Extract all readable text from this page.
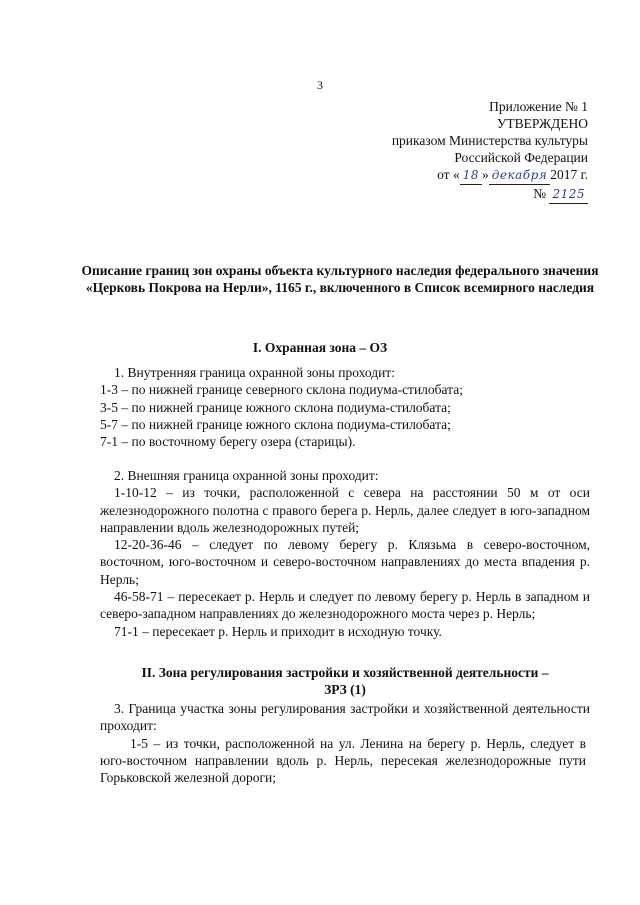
3
Приложение № 1
УТВЕРЖДЕНО
приказом Министерства культуры
Российской Федерации
от « 18 » декабря 2017 г.
№ 2125
Описание границ зон охраны объекта культурного наследия федерального значения «Церковь Покрова на Нерли», 1165 г., включенного в Список всемирного наследия
I. Охранная зона – ОЗ

1. Внутренняя граница охранной зоны проходит:

1-3 – по нижней границе северного склона подиума-стилобата;

3-5 – по нижней границе южного склона подиума-стилобата;

5-7 – по нижней границе южного склона подиума-стилобата;

7-1 – по восточному берегу озера (старицы).

2. Внешняя граница охранной зоны проходит:

1-10-12 – из точки, расположенной с севера на расстоянии 50 м от оси железнодорожного полотна с правого берега р. Нерль, далее следует в юго-западном направлении вдоль железнодорожных путей;

12-20-36-46 – следует по левому берегу р. Клязьма в северо-восточном, восточном, юго-восточном и северо-восточном направлениях до места впадения р. Нерль;

46-58-71 – пересекает р. Нерль и следует по левому берегу р. Нерль в западном и северо-западном направлениях до железнодорожного моста через р. Нерль;

71-1 – пересекает р. Нерль и приходит в исходную точку.

II. Зона регулирования застройки и хозяйственной деятельности –
ЗРЗ (1)

3. Граница участка зоны регулирования застройки и хозяйственной деятельности проходит:

1-5 – из точки, расположенной на ул. Ленина на берегу р. Нерль, следует в юго-восточном направлении вдоль р. Нерль, пересекая железнодорожные пути Горьковской железной дороги;
